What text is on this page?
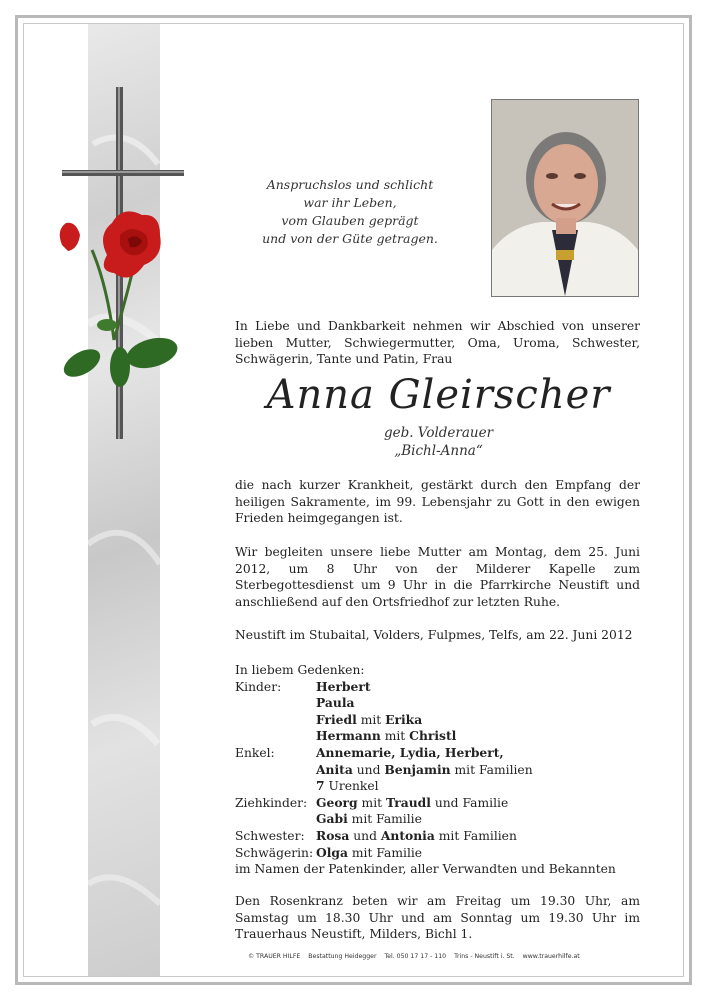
Anspruchslos und schlicht
war ihr Leben,
vom Glauben geprägt
und von der Güte getragen.

In Liebe und Dankbarkeit nehmen wir Abschied von unserer lieben Mutter, Schwiegermutter, Oma, Uroma, Schwester, Schwägerin, Tante und Patin, Frau

Anna Gleirscher
geb. Volderauer
„Bichl-Anna“

die nach kurzer Krankheit, gestärkt durch den Empfang der heiligen Sakramente, im 99. Lebensjahr zu Gott in den ewigen Frieden heimgegangen ist.

Wir begleiten unsere liebe Mutter am Montag, dem 25. Juni 2012, um 8 Uhr von der Milderer Kapelle zum Sterbegottesdienst um 9 Uhr in die Pfarrkirche Neustift und anschließend auf den Ortsfriedhof zur letzten Ruhe.

Neustift im Stubaital, Volders, Fulpmes, Telfs, am 22. Juni 2012

In liebem Gedenken:
Kinder:	Herbert
Paula
Friedl mit Erika
Hermann mit Christl
Enkel:	Annemarie, Lydia, Herbert,
Anita und Benjamin mit Familien
7 Urenkel
Ziehkinder: Georg mit Traudl und Familie
Gabi mit Familie
Schwester: Rosa und Antonia mit Familien
Schwägerin: Olga mit Familie
im Namen der Patenkinder, aller Verwandten und Bekannten

Den Rosenkranz beten wir am Freitag um 19.30 Uhr, am Samstag um 18.30 Uhr und am Sonntag um 19.30 Uhr im Trauerhaus Neustift, Milders, Bichl 1.

© TRAUER HILFE Bestattung Heidegger Tel. 050 17 17 - 110 Trins - Neustift i. St. www.trauerhilfe.at
